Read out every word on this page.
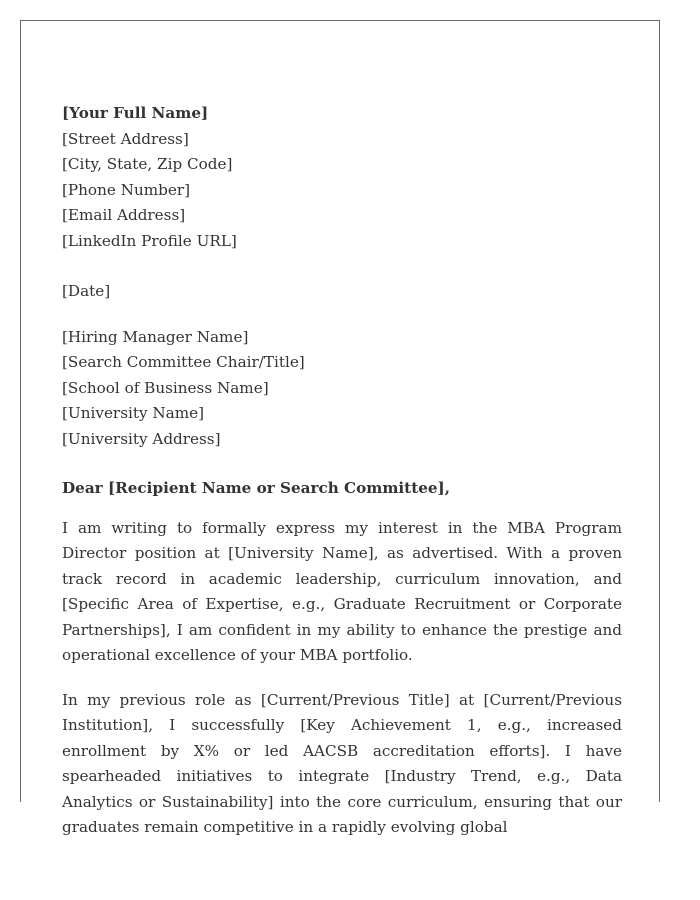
[Your Full Name]
[Street Address]
[City, State, Zip Code]
[Phone Number]
[Email Address]
[LinkedIn Profile URL]
[Date]
[Hiring Manager Name]
[Search Committee Chair/Title]
[School of Business Name]
[University Name]
[University Address]
Dear [Recipient Name or Search Committee],

I am writing to formally express my interest in the MBA Program Director position at [University Name], as advertised. With a proven track record in academic leadership, curriculum innovation, and [Specific Area of Expertise, e.g., Graduate Recruitment or Corporate Partnerships], I am confident in my ability to enhance the prestige and operational excellence of your MBA portfolio.

In my previous role as [Current/Previous Title] at [Current/Previous Institution], I successfully [Key Achievement 1, e.g., increased enrollment by X% or led AACSB accreditation efforts]. I have spearheaded initiatives to integrate [Industry Trend, e.g., Data Analytics or Sustainability] into the core curriculum, ensuring that our graduates remain competitive in a rapidly evolving global
